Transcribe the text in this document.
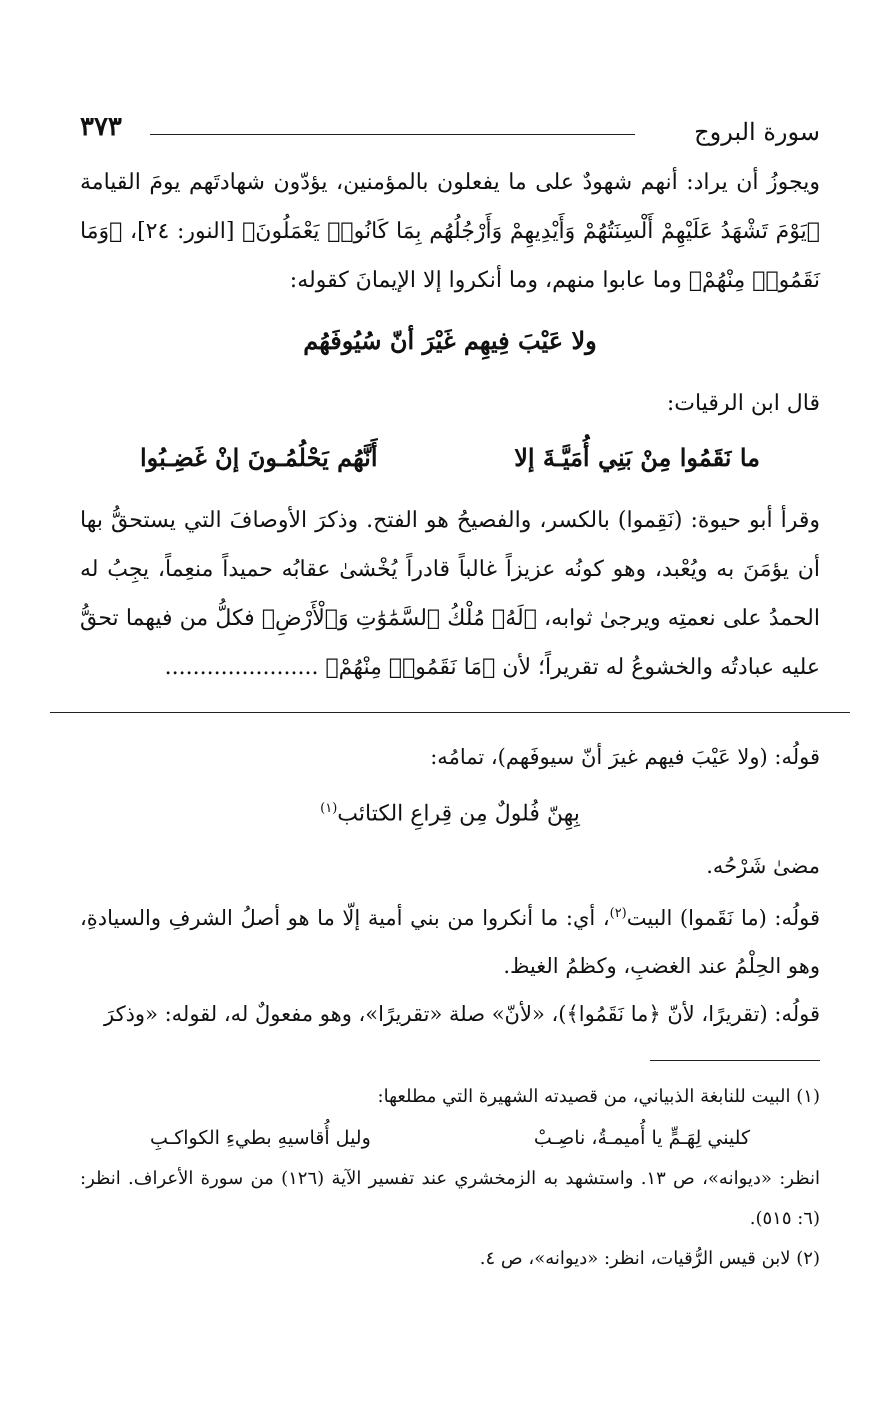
سورة البروج
٣٧٣

ويجوزُ أن يراد: أنهم شهودٌ على ما يفعلون بالمؤمنين، يؤدّون شهادتَهم يومَ القيامة ﴿يَوْمَ تَشْهَدُ عَلَيْهِمْ أَلْسِنَتُهُمْ وَأَيْدِيهِمْ وَأَرْجُلُهُم بِمَا كَانُوا۟ يَعْمَلُونَ﴾ [النور: ٢٤]، ﴿وَمَا نَقَمُوا۟ مِنْهُمْ﴾ وما عابوا منهم، وما أنكروا إلا الإيمانَ كقوله:

ولا عَيْبَ فِيهِم غَيْرَ أنّ سُيُوفَهُم

قال ابن الرقيات:

ما نَقَمُوا مِنْ بَنِي أُمَيَّـةَ إلا
أَنَّهُم يَحْلُمُـونَ إنْ غَضِـبُوا

وقرأ أبو حيوة: (نَقِموا) بالكسر، والفصيحُ هو الفتح. وذكرَ الأوصافَ التي يستحقُّ بها أن يؤمَنَ به ويُعْبد، وهو كونُه عزيزاً غالباً قادراً يُخْشىٰ عقابُه حميداً منعِماً، يجِبُ له الحمدُ على نعمتِه ويرجىٰ ثوابه، ﴿لَهُۥ مُلْكُ ٱلسَّمَٰوَٰتِ وَٱلْأَرْضِ﴾ فكلُّ من فيهما تحقُّ عليه عبادتُه والخشوعُ له تقريراً؛ لأن ﴿مَا نَقَمُوا۟ مِنْهُمْ﴾ ......................

قولُه: (ولا عَيْبَ فيهم غيرَ أنّ سيوفَهم)، تمامُه:

بِهِنّ فُلولٌ مِن قِراعِ الكتائب$^{(١)}$

مضىٰ شَرْحُه.

قولُه: (ما نَقَموا) البيت$^{(٢)}$، أي: ما أنكروا من بني أمية إلّا ما هو أصلُ الشرفِ والسيادةِ، وهو الحِلْمُ عند الغضبِ، وكظمُ الغيظ.

قولُه: (تقريرًا، لأنّ ﴿ما نَقَمُوا﴾)، «لأنّ» صلة «تقريرًا»، وهو مفعولٌ له، لقوله: «وذكرَ

(١) البيت للنابغة الذبياني، من قصيدته الشهيرة التي مطلعها:

كليني لِهَـمٍّ يا أُميمـةُ، ناصِـبْ
وليل أُقاسيهِ بطيءِ الكواكـبِ

انظر: «ديوانه»، ص ١٣. واستشهد به الزمخشري عند تفسير الآية (١٢٦) من سورة الأعراف. انظر: (٦: ٥١٥).

(٢) لابن قيس الرُّقيات، انظر: «ديوانه»، ص ٤.
